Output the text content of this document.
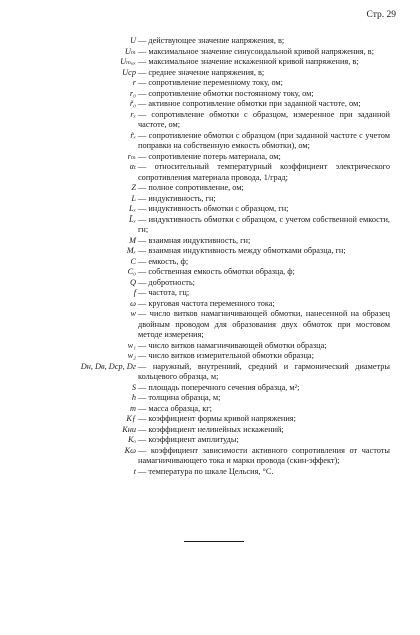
Стр. 29
U — действующее значение напряжения, в;
Uₘ — максимальное значение синусоидальной кривой напряжения, в;
Uₘₐₓ — максимальное значение искаженной кривой напряжения, в;
Uср — среднее значение напряжения, в;
r — сопротивление переменному току, ом;
r₀ — сопротивление обмотки постоянному току, ом;
r̃₀ — активное сопротивление обмотки при заданной частоте, ом;
rₓ — сопротивление обмотки с образцом, измеренное при заданной частоте, ом;
r̃ₓ — сопротивление обмотки с образцом (при заданной частоте с учетом поправки на собственную емкость обмотки), ом;
rₘ — сопротивление потерь материала, ом;
αₜ — относительный температурный коэффициент электрического сопротивления материала провода, 1/град;
Z — полное сопротивление, ом;
L — индуктивность, гн;
Lₓ — индуктивность обмотки с образцом, гн;
L̃ₓ — индуктивность обмотки с образцом, с учетом собственной емкости, гн;
M — взаимная индуктивность, гн;
Mₓ — взаимная индуктивность между обмотками образца, гн;
C — емкость, ф;
C₀ — собственная емкость обмотки образца, ф;
Q — добротность;
f — частота, гц;
ω — круговая частота переменного тока;
w — число витков намагничивающей обмотки, нанесенной на образец двойным проводом для образования двух обмоток при мостовом методе измерения;
w₁ — число витков намагничивающей обмотки образца;
w₂ — число витков измерительной обмотки образца;
Dн, Dв, Dср, Dг — наружный, внутренний, средний и гармонический диаметры кольцевого образца, м;
S — площадь поперечного сечения образца, м²;
h — толщина образца, м;
m — масса образца, кг;
Kƒ — коэффициент формы кривой напряжения;
Kни — коэффициент нелинейных искажений;
Kₐ — коэффициент амплитуды;
Kω — коэффициент зависимости активного сопротивления от частоты намагничивающего тока и марки провода (скин-эффект);
t — температура по шкале Цельсия, °C.
